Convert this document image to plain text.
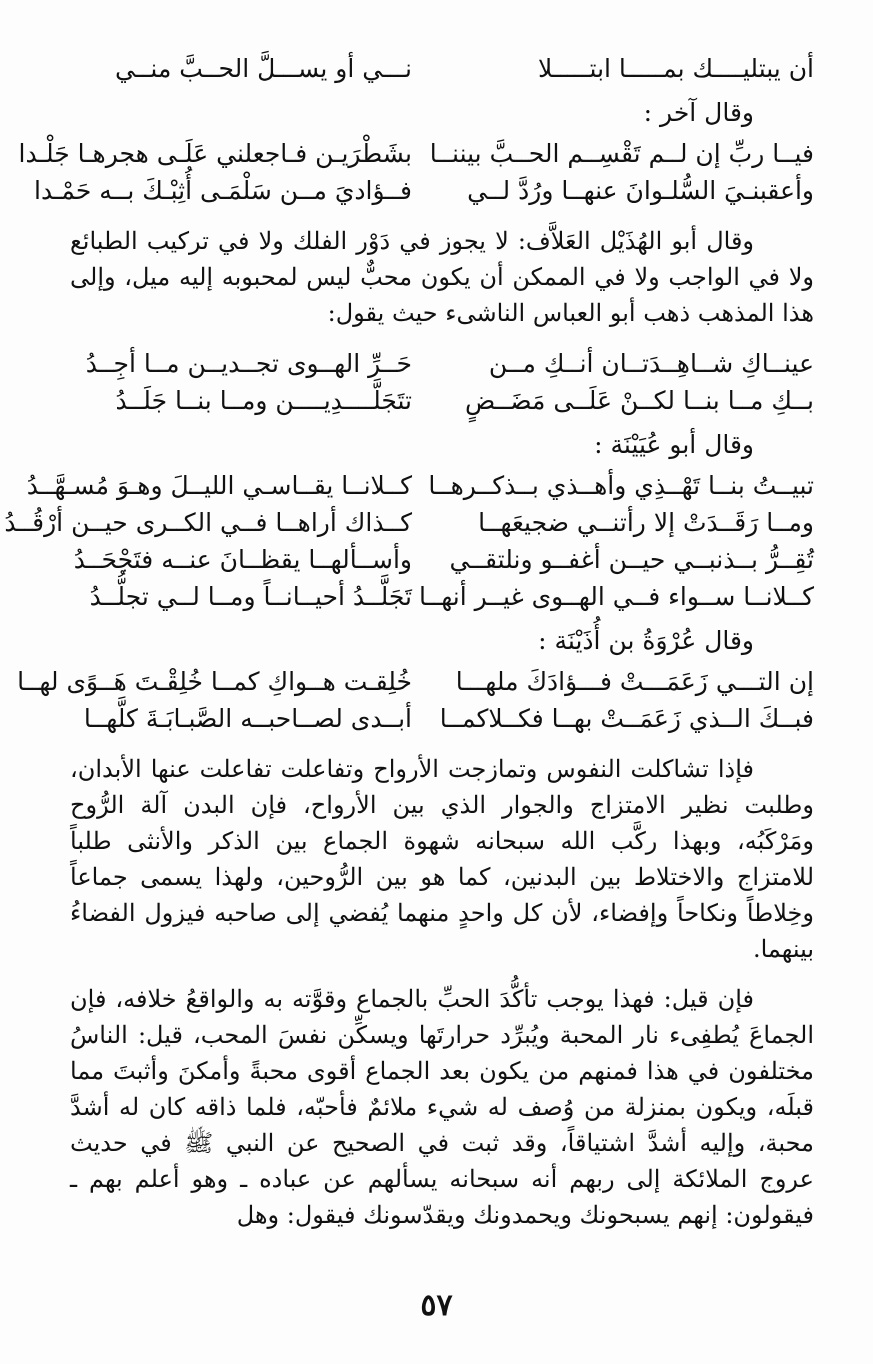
أن يبتليــــك بمـــــا ابتـــــلا
نـــي أو يســـلَّ الحــبَّ منــي
وقال آخر :
فيــا ربِّ إن لــم تَقْسِــم الحــبَّ بيننــا
بشَطْرَيـن فـاجعلني عَلَـى هجرهـا جَلْـدا
وأعقبنـيَ السُّلـوانَ عنهــا ورُدَّ لــي
فــؤاديَ مــن سَلْمَـى أُثِبْـكَ بــه حَمْـدا

وقال أبو الهُذَيْل العَلاَّف: لا يجوز في دَوْر الفلك ولا في تركيب الطبائع ولا في الواجب ولا في الممكن أن يكون محبٌّ ليس لمحبوبه إليه ميل، وإلى هذا المذهب ذهب أبو العباس الناشىء حيث يقول:

عينــاكِ شــاهِــدَتــان أنــكِ مــن
حَــرِّ الهــوى تجــديــن مــا أجِــدُ
بــكِ مــا بنــا لكــنْ عَلَــى مَضَــضٍ
تتَجَلَّــــدِيــــن ومــا بنــا جَلَــدُ
وقال أبو عُيَيْنَة :
تبيــتُ بنــا تَهْــذِي وأهــذي بــذكــرهــا
كــلانــا يقــاسـي الليــلَ وهـوَ مُسـهَّــدُ
ومــا رَقَــدَتْ إلا رأتنــي ضجيعَهــا
كــذاك أراهــا فــي الكــرى حيــن أرْقُــدُ
تُقِــرُّ بــذنبــي حيــن أغفــو ونلتقــي
وأســألهــا يقظــانَ عنــه فتَجْحَــدُ
كــلانــا ســواء فــي الهــوى غيــر أنهــا
تَجَلَّــدُ أحيــانــاً ومــا لــي تجلُّــدُ
وقال عُرْوَةُ بن أُذَيْنَة :
إن التـــي زَعَمَـــتْ فـــؤادَكَ ملهـــا
خُلِقـت هــواكِ كمــا خُلِقْـتَ هَــوًى لهــا
فبــكَ الــذي زَعَمَــتْ بهــا فكــلاكمــا
أبــدى لصــاحبــه الصَّبـابَـةَ كلَّهــا

فإذا تشاكلت النفوس وتمازجت الأرواح وتفاعلت تفاعلت عنها الأبدان، وطلبت نظير الامتزاج والجوار الذي بين الأرواح، فإن البدن آلة الرُّوح ومَرْكَبُه، وبهذا ركَّب الله سبحانه شهوة الجماع بين الذكر والأنثى طلباً للامتزاج والاختلاط بين البدنين، كما هو بين الرُّوحين، ولهذا يسمى جماعاً وخِلاطاً ونكاحاً وإفضاء، لأن كل واحدٍ منهما يُفضي إلى صاحبه فيزول الفضاءُ بينهما.

فإن قيل: فهذا يوجب تأكُّدَ الحبِّ بالجماع وقوَّته به والواقعُ خلافه، فإن الجماعَ يُطفِىء نار المحبة ويُبرِّد حرارتَها ويسكِّن نفسَ المحب، قيل: الناسُ مختلفون في هذا فمنهم من يكون بعد الجماع أقوى محبةً وأمكنَ وأثبتَ مما قبلَه، ويكون بمنزلة من وُصف له شيء ملائمٌ فأحبّه، فلما ذاقه كان له أشدَّ محبة، وإليه أشدَّ اشتياقاً، وقد ثبت في الصحيح عن النبي ﷺ في حديث عروج الملائكة إلى ربهم أنه سبحانه يسألهم عن عباده ـ وهو أعلم بهم ـ فيقولون: إنهم يسبحونك ويحمدونك ويقدّسونك فيقول: وهل

٥٧
